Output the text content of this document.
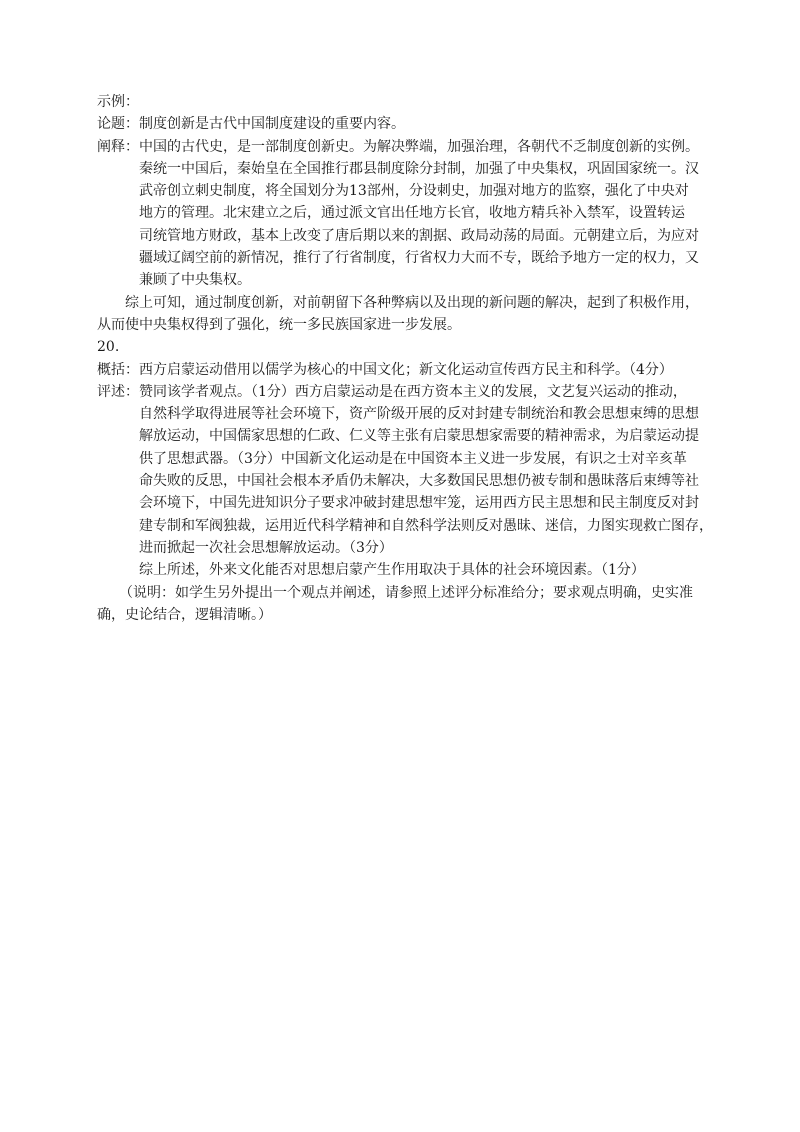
示例：
论题：制度创新是古代中国制度建设的重要内容。
阐释：中国的古代史，是一部制度创新史。为解决弊端，加强治理，各朝代不乏制度创新的实例。
秦统一中国后，秦始皇在全国推行郡县制度除分封制，加强了中央集权，巩固国家统一。汉
武帝创立刺史制度，将全国划分为13部州，分设刺史，加强对地方的监察，强化了中央对
地方的管理。北宋建立之后，通过派文官出任地方长官，收地方精兵补入禁军，设置转运
司统管地方财政，基本上改变了唐后期以来的割据、政局动荡的局面。元朝建立后，为应对
疆域辽阔空前的新情况，推行了行省制度，行省权力大而不专，既给予地方一定的权力，又
兼顾了中央集权。
综上可知，通过制度创新，对前朝留下各种弊病以及出现的新问题的解决，起到了积极作用，
从而使中央集权得到了强化，统一多民族国家进一步发展。
20.
概括：西方启蒙运动借用以儒学为核心的中国文化；新文化运动宣传西方民主和科学。（4分）
评述：赞同该学者观点。（1分）西方启蒙运动是在西方资本主义的发展，文艺复兴运动的推动，
自然科学取得进展等社会环境下，资产阶级开展的反对封建专制统治和教会思想束缚的思想
解放运动，中国儒家思想的仁政、仁义等主张有启蒙思想家需要的精神需求，为启蒙运动提
供了思想武器。（3分）中国新文化运动是在中国资本主义进一步发展，有识之士对辛亥革
命失败的反思，中国社会根本矛盾仍未解决，大多数国民思想仍被专制和愚昧落后束缚等社
会环境下，中国先进知识分子要求冲破封建思想牢笼，运用西方民主思想和民主制度反对封
建专制和军阀独裁，运用近代科学精神和自然科学法则反对愚昧、迷信，力图实现救亡图存，
进而掀起一次社会思想解放运动。（3分）
综上所述，外来文化能否对思想启蒙产生作用取决于具体的社会环境因素。（1分）
（说明：如学生另外提出一个观点并阐述，请参照上述评分标准给分；要求观点明确，史实准
确，史论结合，逻辑清晰。）
